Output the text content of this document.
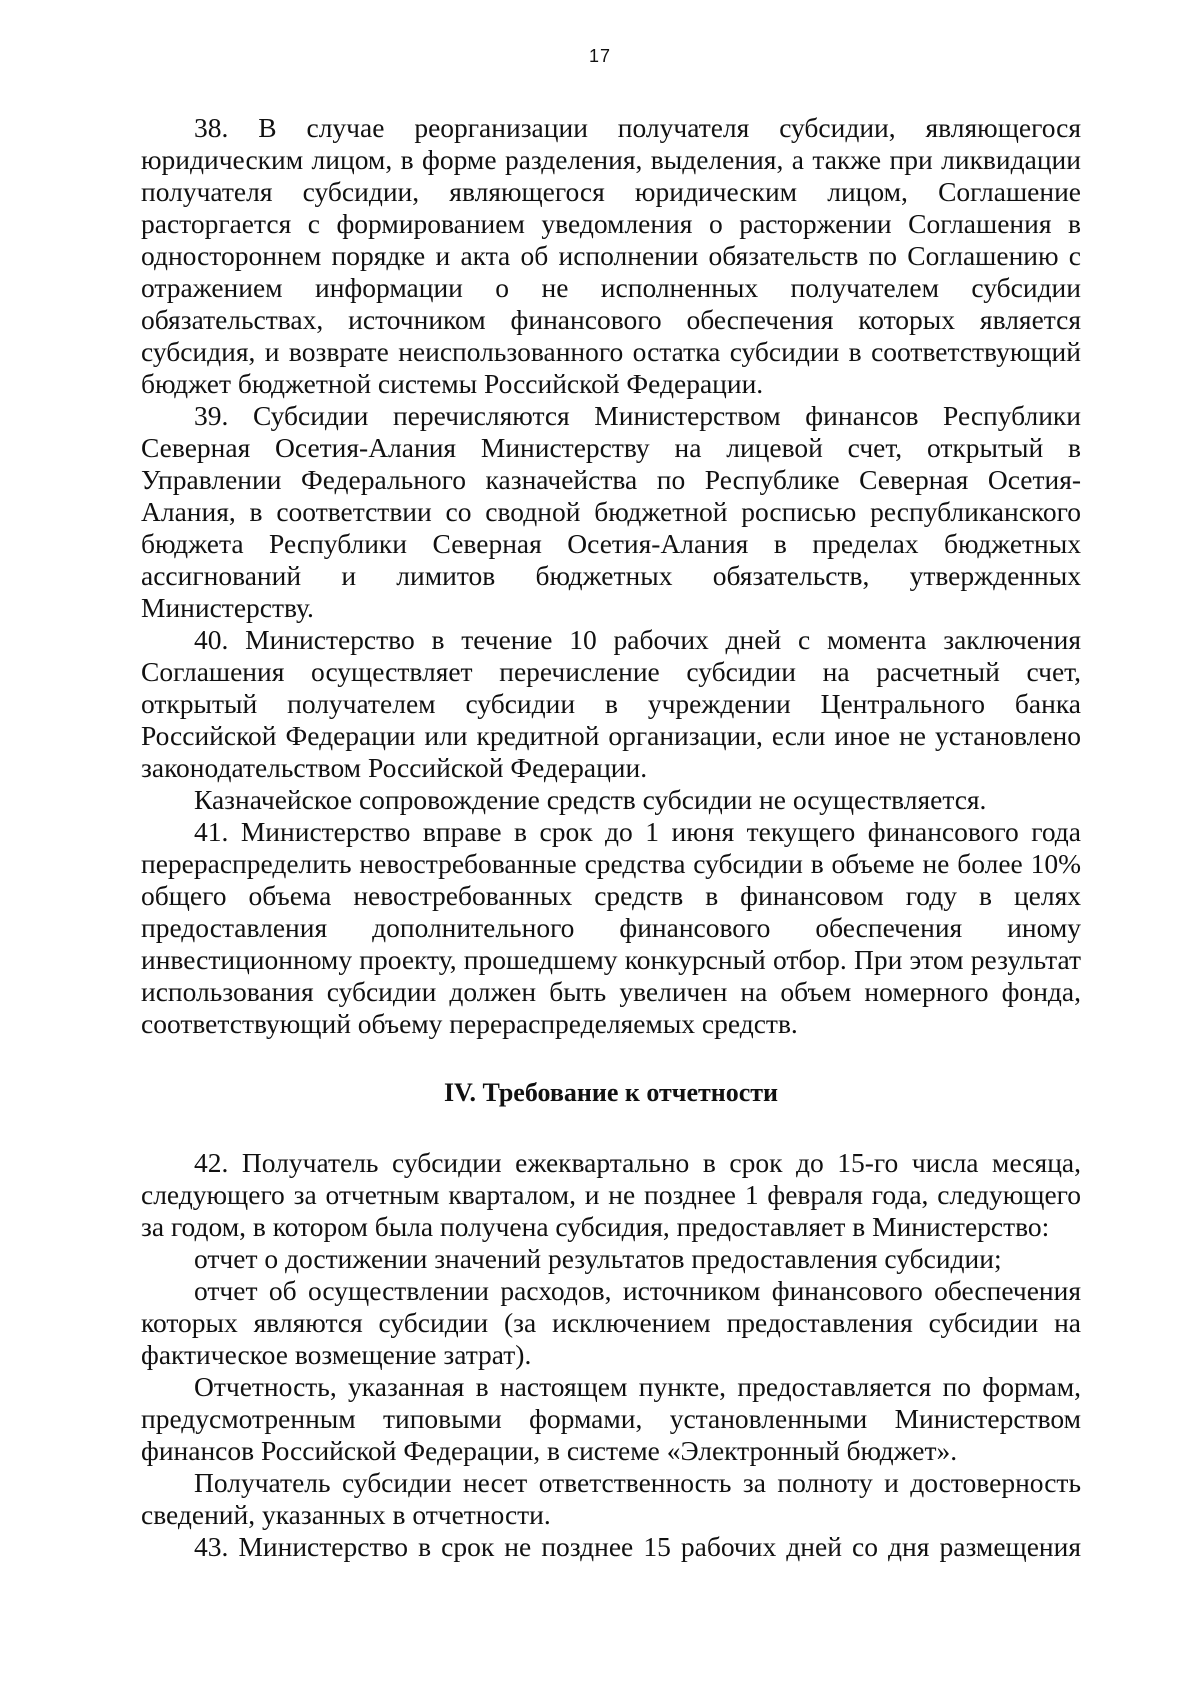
17

38. В случае реорганизации получателя субсидии, являющегося юридическим лицом, в форме разделения, выделения, а также при ликвидации получателя субсидии, являющегося юридическим лицом, Соглашение расторгается с формированием уведомления о расторжении Соглашения в одностороннем порядке и акта об исполнении обязательств по Соглашению с отражением информации о не исполненных получателем субсидии обязательствах, источником финансового обеспечения которых является субсидия, и возврате неиспользованного остатка субсидии в соответствующий бюджет бюджетной системы Российской Федерации.

39. Субсидии перечисляются Министерством финансов Республики Северная Осетия-Алания Министерству на лицевой счет, открытый в Управлении Федерального казначейства по Республике Северная Осетия-Алания, в соответствии со сводной бюджетной росписью республиканского бюджета Республики Северная Осетия-Алания в пределах бюджетных ассигнований и лимитов бюджетных обязательств, утвержденных Министерству.

40. Министерство в течение 10 рабочих дней с момента заключения Соглашения осуществляет перечисление субсидии на расчетный счет, открытый получателем субсидии в учреждении Центрального банка Российской Федерации или кредитной организации, если иное не установлено законодательством Российской Федерации.

Казначейское сопровождение средств субсидии не осуществляется.

41. Министерство вправе в срок до 1 июня текущего финансового года перераспределить невостребованные средства субсидии в объеме не более 10% общего объема невостребованных средств в финансовом году в целях предоставления дополнительного финансового обеспечения иному инвестиционному проекту, прошедшему конкурсный отбор. При этом результат использования субсидии должен быть увеличен на объем номерного фонда, соответствующий объему перераспределяемых средств.

IV. Требование к отчетности

42. Получатель субсидии ежеквартально в срок до 15-го числа месяца, следующего за отчетным кварталом, и не позднее 1 февраля года, следующего за годом, в котором была получена субсидия, предоставляет в Министерство:

отчет о достижении значений результатов предоставления субсидии;

отчет об осуществлении расходов, источником финансового обеспечения которых являются субсидии (за исключением предоставления субсидии на фактическое возмещение затрат).

Отчетность, указанная в настоящем пункте, предоставляется по формам, предусмотренным типовыми формами, установленными Министерством финансов Российской Федерации, в системе «Электронный бюджет».

Получатель субсидии несет ответственность за полноту и достоверность сведений, указанных в отчетности.

43. Министерство в срок не позднее 15 рабочих дней со дня размещения
